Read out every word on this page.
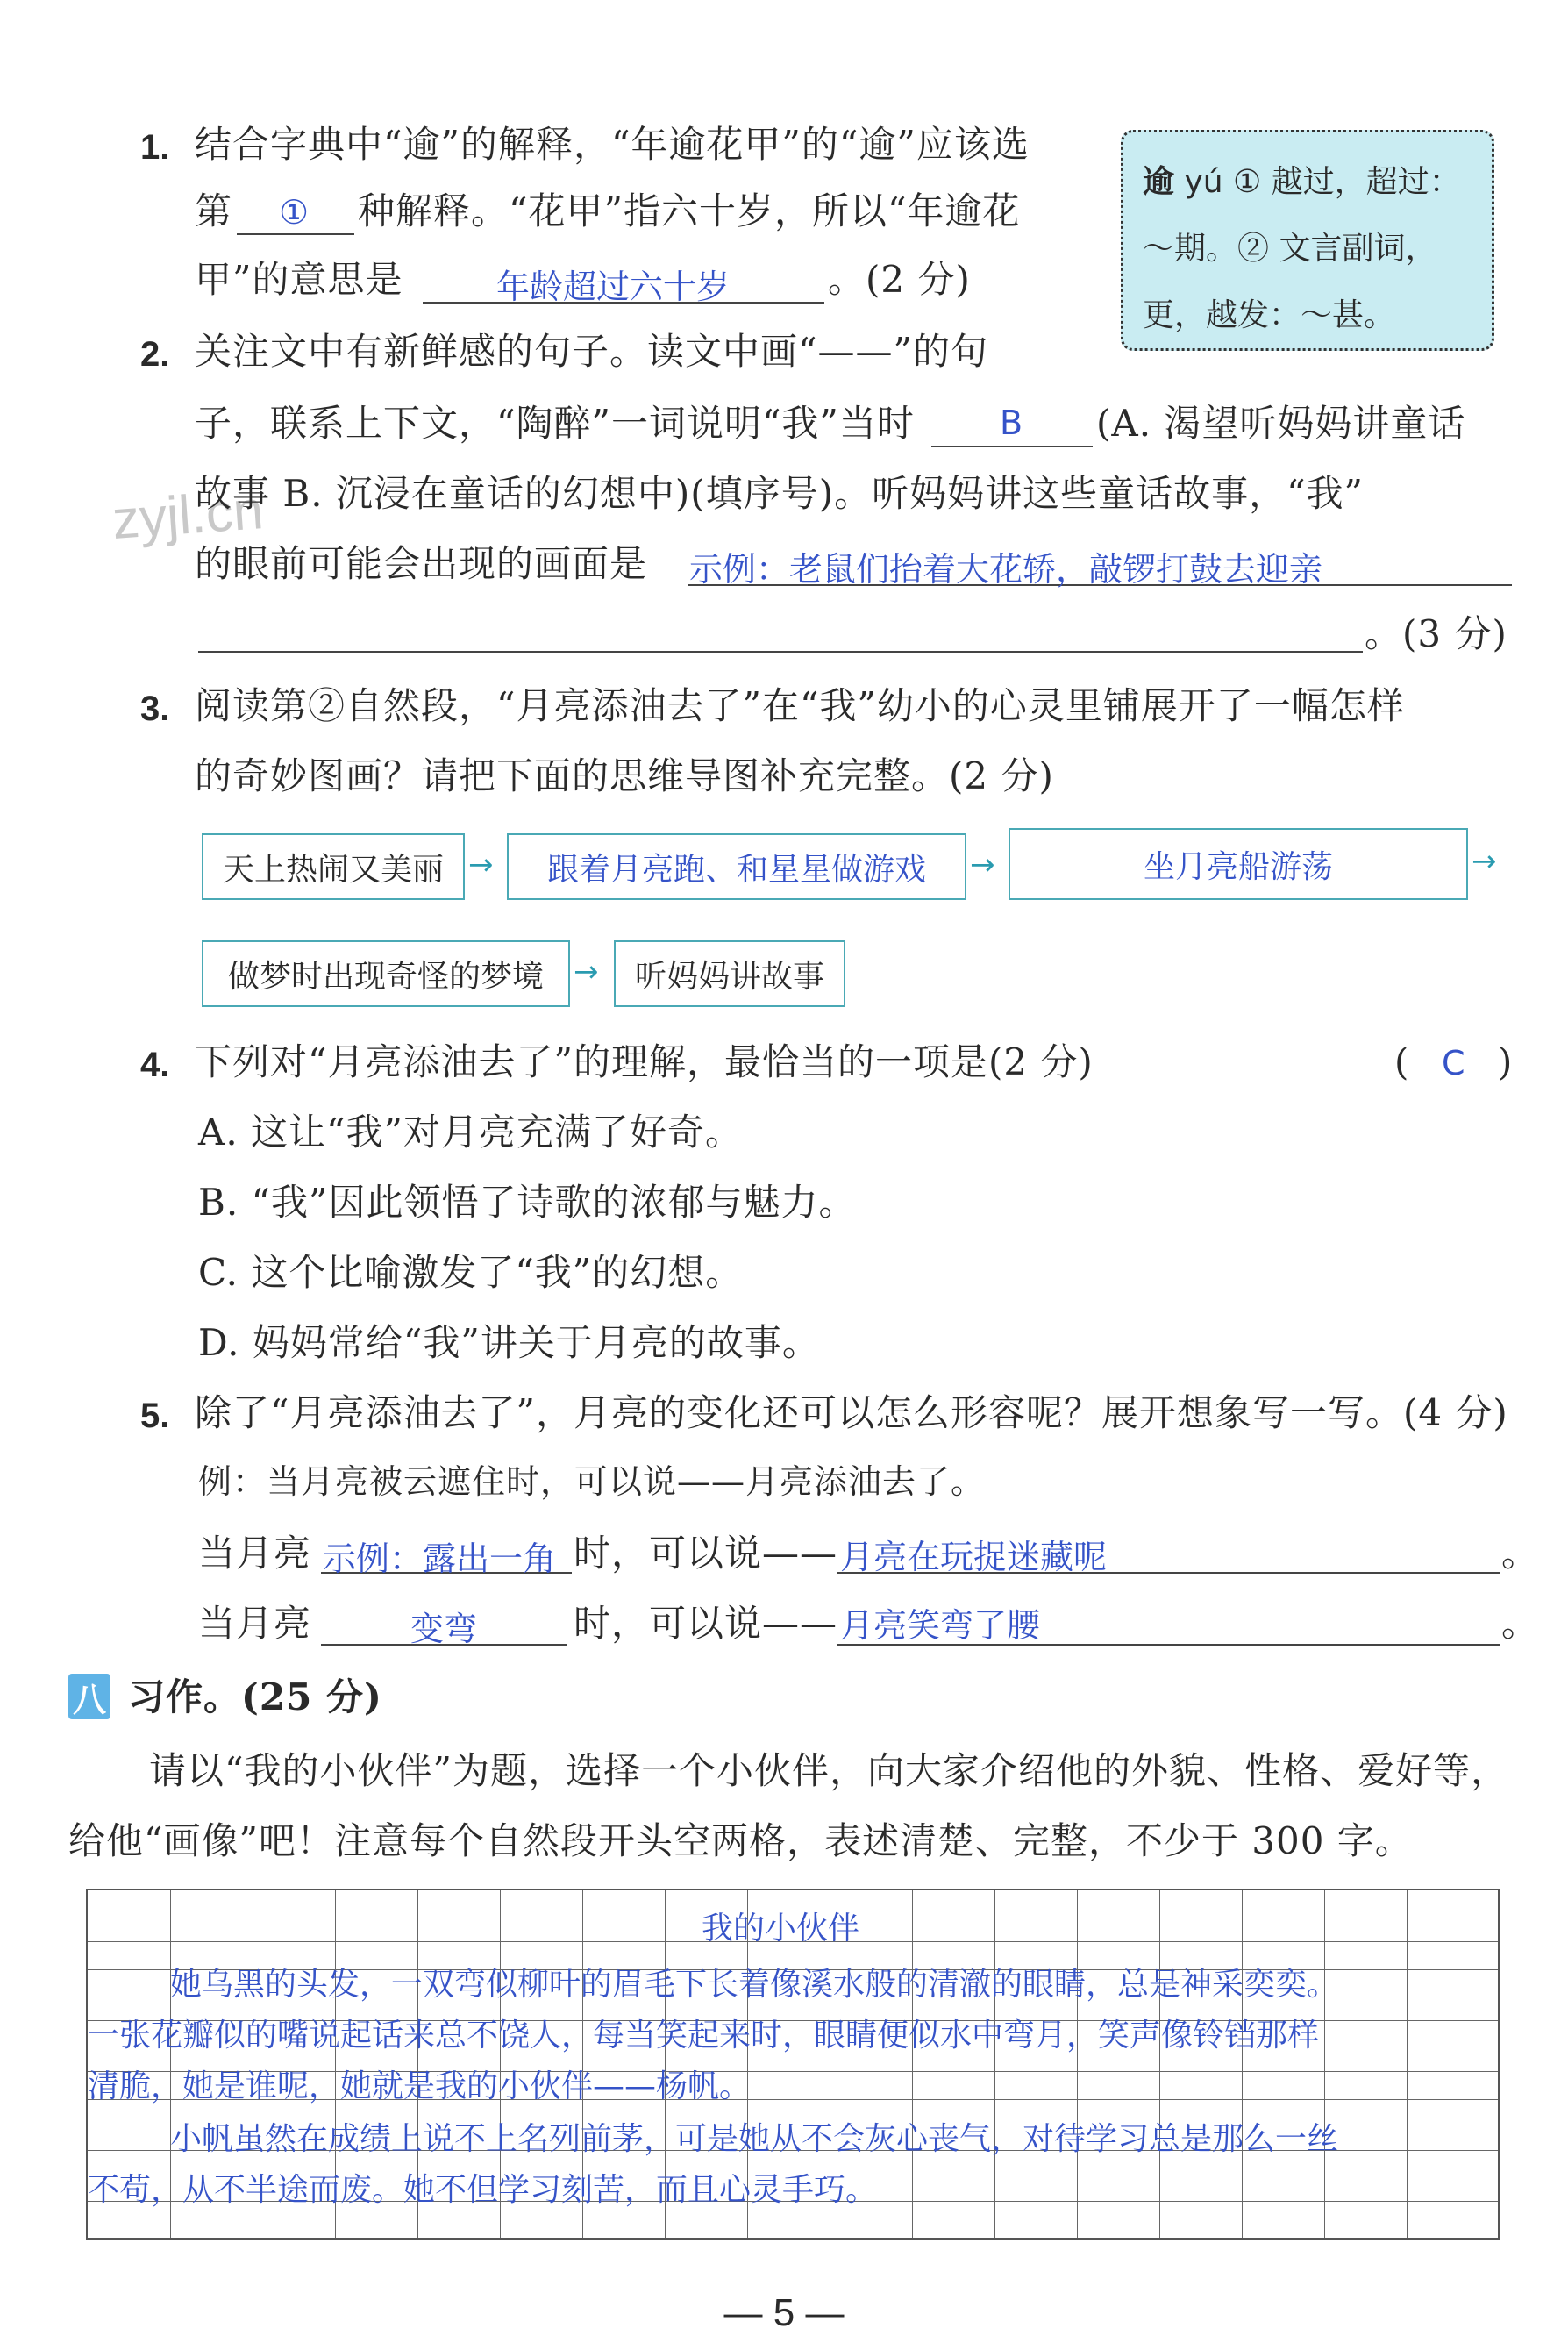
zyjl.cn
1. 结合字典中“逾”的解释，“年逾花甲”的“逾”应该选
第 ① 种解释。“花甲”指六十岁，所以“年逾花
甲”的意思是	年龄超过六十岁	。(2 分)
逾 yú ① 越过，超过：
～期。② 文言副词，
更，越发：～甚。
2. 关注文中有新鲜感的句子。读文中画“——”的句
子，联系上下文，“陶醉”一词说明“我”当时	B (A. 渴望听妈妈讲童话
故事 B. 沉浸在童话的幻想中)(填序号)。听妈妈讲这些童话故事，“我”
的眼前可能会出现的画面是 示例：老鼠们抬着大花轿，敲锣打鼓去迎亲
。(3 分)
3. 阅读第②自然段，“月亮添油去了”在“我”幼小的心灵里铺展开了一幅怎样
的奇妙图画？请把下面的思维导图补充完整。(2 分)
天上热闹又美丽 →	跟着月亮跑、和星星做游戏	→	坐月亮船游荡	→
做梦时出现奇怪的梦境	→	听妈妈讲故事
4. 下列对“月亮添油去了”的理解，最恰当的一项是(2 分)	( C )
A. 这让“我”对月亮充满了好奇。
B. “我”因此领悟了诗歌的浓郁与魅力。
C. 这个比喻激发了“我”的幻想。
D. 妈妈常给“我”讲关于月亮的故事。
5. 除了“月亮添油去了”，月亮的变化还可以怎么形容呢？展开想象写一写。(4 分)
例：当月亮被云遮住时，可以说——月亮添油去了。
当月亮 示例：露出一角 时，可以说—— 月亮在玩捉迷藏呢	。
当月亮	变弯	时，可以说—— 月亮笑弯了腰	。
八 习作。(25 分)
请以“我的小伙伴”为题，选择一个小伙伴，向大家介绍他的外貌、性格、爱好等，
给他“画像”吧！注意每个自然段开头空两格，表述清楚、完整，不少于 300 字。
我的小伙伴
她乌黑的头发，一双弯似柳叶的眉毛下长着像溪水般的清澈的眼睛，总是神采奕奕。
一张花瓣似的嘴说起话来总不饶人，每当笑起来时，眼睛便似水中弯月，笑声像铃铛那样
清脆，她是谁呢，她就是我的小伙伴——杨帆。
小帆虽然在成绩上说不上名列前茅，可是她从不会灰心丧气，对待学习总是那么一丝
不苟，从不半途而废。她不但学习刻苦，而且心灵手巧。
— 5 —
